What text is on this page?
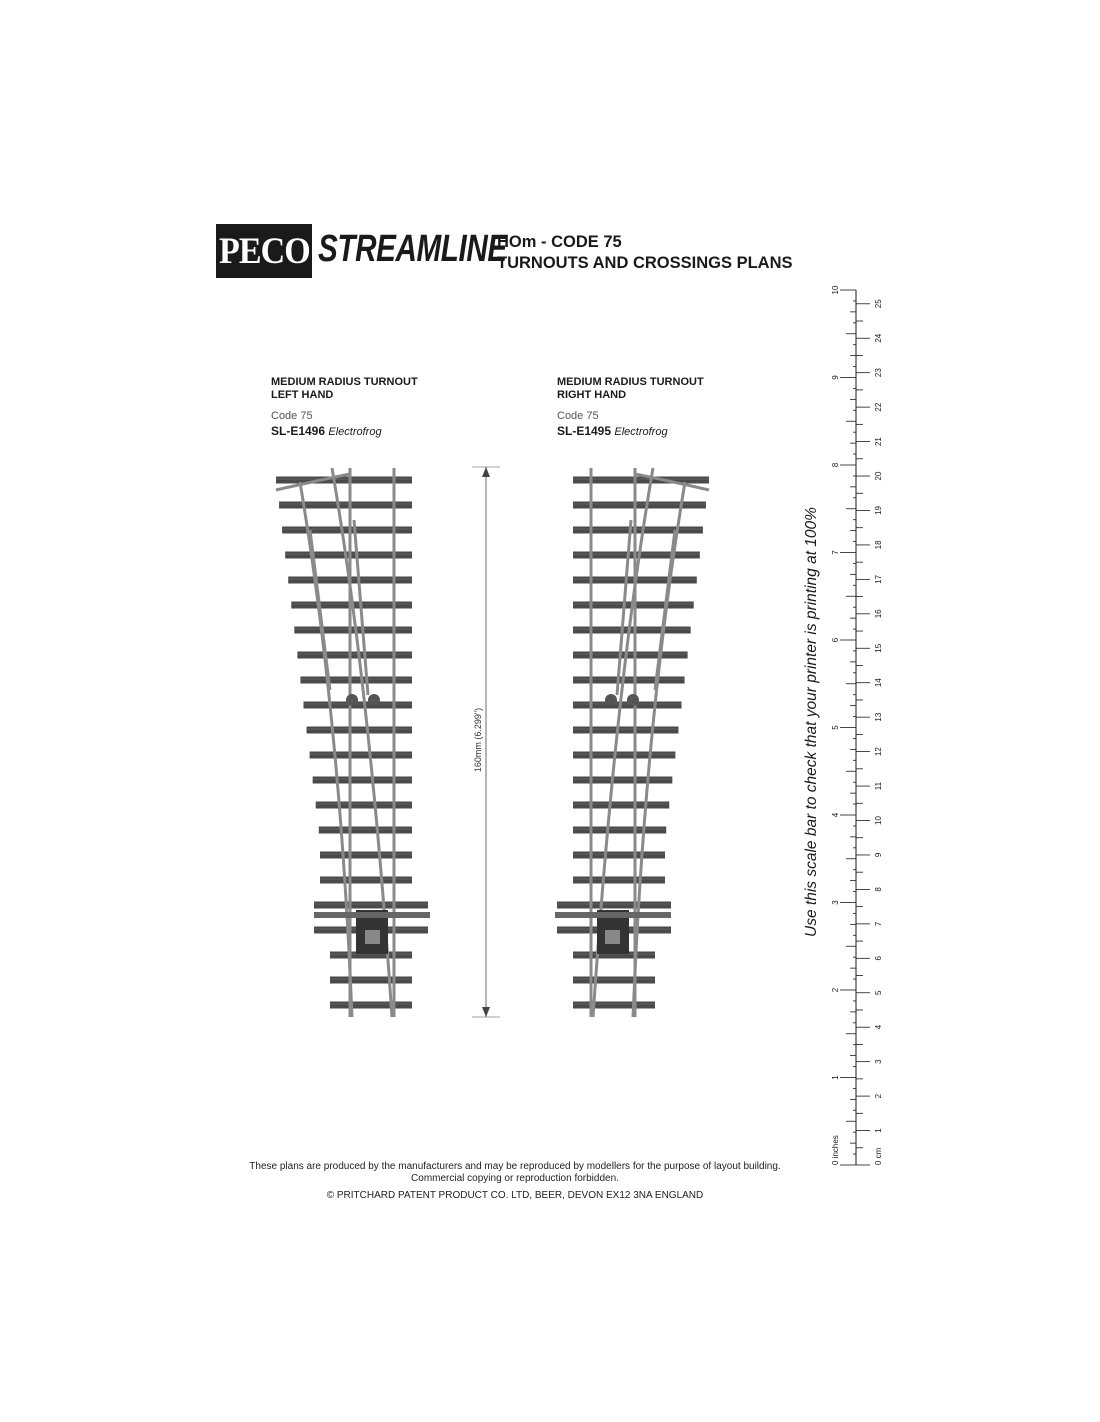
PECO STREAMLINE
HOm - CODE 75
TURNOUTS AND CROSSINGS PLANS
MEDIUM RADIUS TURNOUT
LEFT HAND
Code 75
SL-E1496 Electrofrog
MEDIUM RADIUS TURNOUT
RIGHT HAND
Code 75
SL-E1495 Electrofrog
160mm (6.299")	Use this scale bar to check that your printer is printing at 100%
1
2
3
4
5
6
7
8
9
10
0 inches
1
2
3
4
5
6
7
8
9
10
11
12
13
14
15
16
17
18
19
20
21
22
23
24
25
0 cm
These plans are produced by the manufacturers and may be reproduced by modellers for the purpose of layout building.
Commercial copying or reproduction forbidden.
© PRITCHARD PATENT PRODUCT CO. LTD, BEER, DEVON EX12 3NA ENGLAND
